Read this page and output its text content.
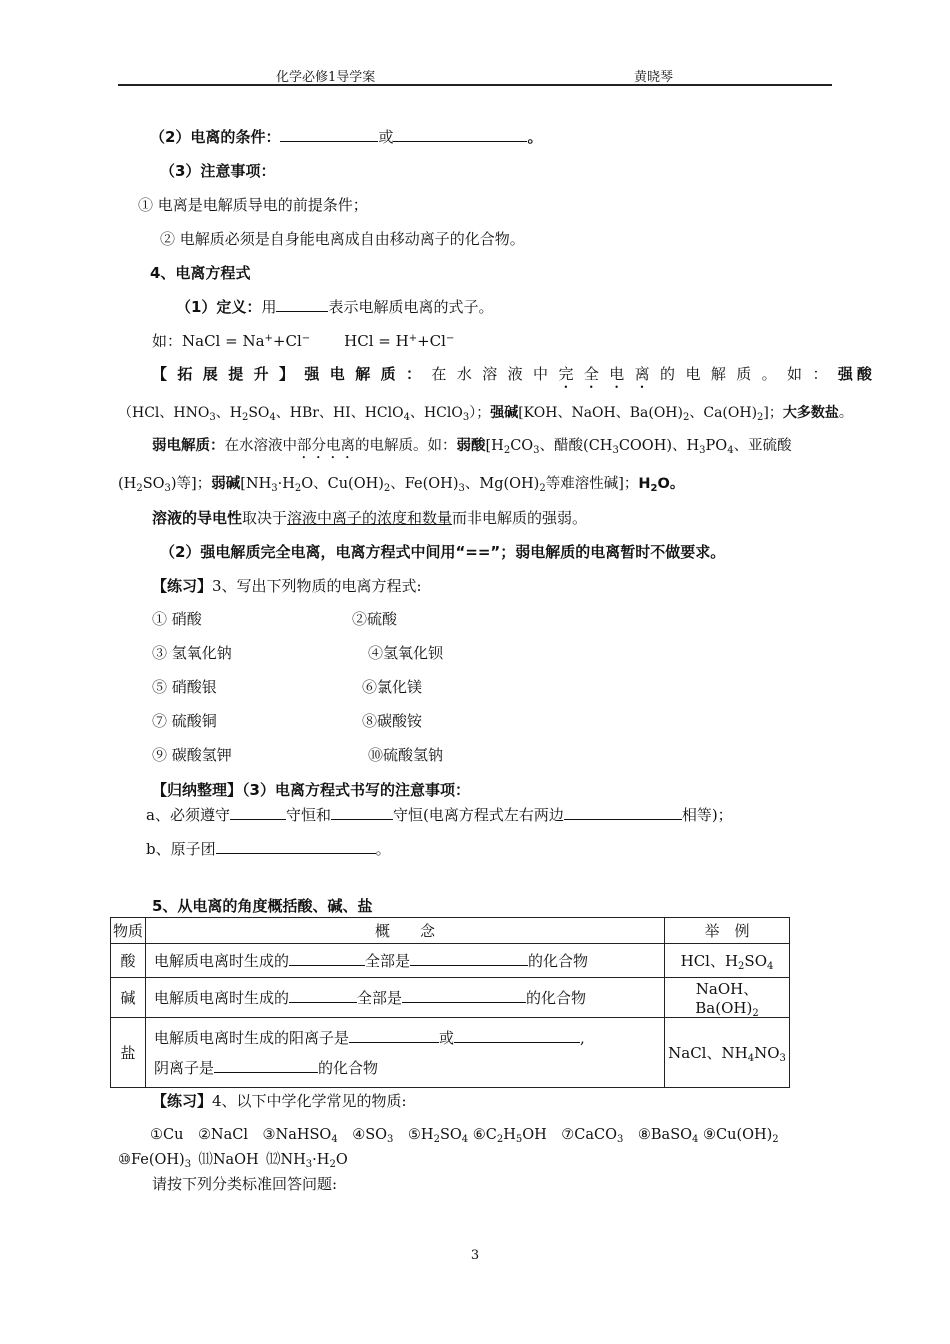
化学必修1导学案	黄晓琴
（2）电离的条件：	或	。
（3）注意事项：
① 电离是电解质导电的前提条件；
② 电解质必须是自身能电离成自由移动离子的化合物。
4、电离方程式
（1）定义：用	表示电解质电离的式子。
如：NaCl = Na++Cl− HCl = H++Cl−
【拓展提升】强电解质：在水溶液中完全电离的电解质。如：强酸
（HCl、$HNO_3$、$H_2SO_4$、HBr、HI、HClO$_4$、HClO$_3$）；强碱[KOH、NaOH、$Ba(OH)_2$、$Ca(OH)_2$]；大多数盐。
弱电解质：在水溶液中部分电离的电解质。如：弱酸[$H_2CO_3$、醋酸$(CH_3COOH)$、$H_3PO_4$、亚硫酸
$(H_2SO_3)$等]；弱碱[$NH_3\cdot H_2O$、$Cu(OH)_2$、$Fe(OH)_3$、$Mg(OH)_2$等难溶性碱]；$H_2O$。
溶液的导电性取决于溶液中离子的浓度和数量而非电解质的强弱。
（2）强电解质完全电离，电离方程式中间用“==”；弱电解质的电离暂时不做要求。
【练习】3、写出下列物质的电离方程式:
① 硝酸	②硫酸
③ 氢氧化钠	④氢氧化钡
⑤ 硝酸银	⑥氯化镁
⑦ 硫酸铜	⑧碳酸铵
⑨ 碳酸氢钾	⑩硫酸氢钠
【归纳整理】（3）电离方程式书写的注意事项：
a、必须遵守	守恒和	守恒(电离方程式左右两边	相等)；
b、原子团	。
5、从电离的角度概括酸、碱、盐
物质	概　　念	举　例
酸	电解质电离时生成的 全部是 的化合物	HCl、$H_2SO_4$
碱	电解质电离时生成的 全部是 的化合物	NaOH、$Ba(OH)_2$
盐	电解质电离时生成的阳离子是 或 ,
阴离子是 的化合物	NaCl、$NH_4NO_3$
【练习】4、以下中学化学常见的物质:
①Cu  ②NaCl  ③NaHSO$_4$  $④SO_3$  $⑤H_2SO_4$ $⑥C_2H_5OH$  ⑦CaCO$_3$  ⑧BaSO$_4$ $⑨Cu(OH)_2$
$⑩Fe(OH)_3$  ⑾NaOH  $⑿NH_3\cdot H_2O$
请按下列分类标准回答问题:
3
